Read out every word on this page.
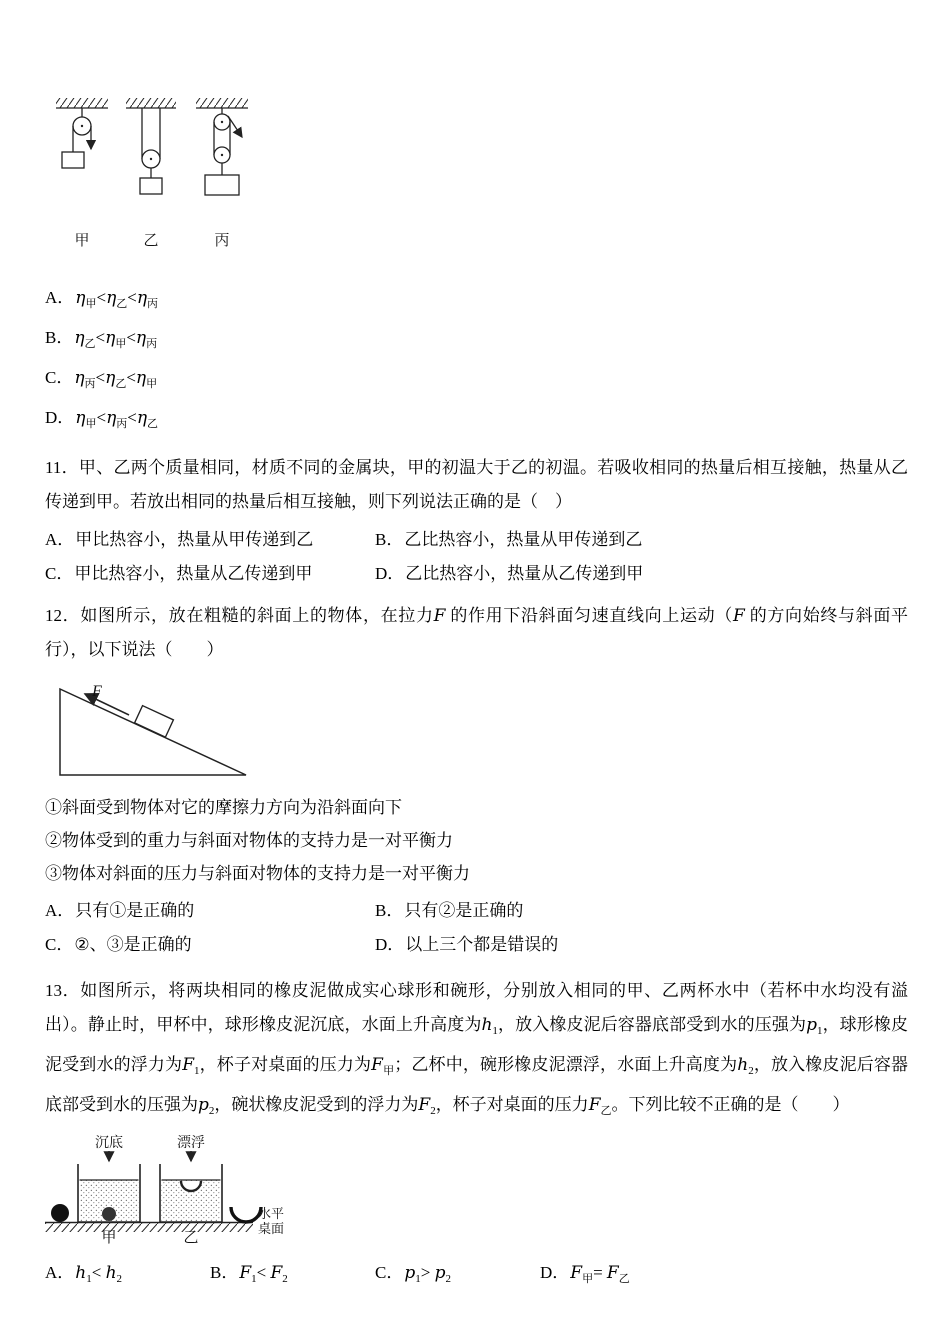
甲	乙	丙
A．$\eta_甲<\eta_乙<\eta_丙$
B．$\eta_乙<\eta_甲<\eta_丙$
C．$\eta_丙<\eta_乙<\eta_甲$
D．$\eta_甲<\eta_丙<\eta_乙$

11．甲、乙两个质量相同，材质不同的金属块，甲的初温大于乙的初温。若吸收相同的热量后相互接触，热量从乙传递到甲。若放出相同的热量后相互接触，则下列说法正确的是（　）

A．甲比热容小，热量从甲传递到乙	B．乙比热容小，热量从甲传递到乙
C．甲比热容小，热量从乙传递到甲	D．乙比热容小，热量从乙传递到甲

12．如图所示，放在粗糙的斜面上的物体，在拉力F 的作用下沿斜面匀速直线向上运动（F 的方向始终与斜面平行），以下说法（　　）

F
①斜面受到物体对它的摩擦力方向为沿斜面向下
②物体受到的重力与斜面对物体的支持力是一对平衡力
③物体对斜面的压力与斜面对物体的支持力是一对平衡力
A．只有①是正确的	B．只有②是正确的
C．②、③是正确的	D．以上三个都是错误的

13．如图所示，将两块相同的橡皮泥做成实心球形和碗形，分别放入相同的甲、乙两杯水中（若杯中水均没有溢出）。静止时，甲杯中，球形橡皮泥沉底，水面上升高度为$h_1$，放入橡皮泥后容器底部受到水的压强为$p_1$，球形橡皮泥受到水的浮力为$F_1$，杯子对桌面的压力为$F_甲$；乙杯中，碗形橡皮泥漂浮，水面上升高度为$h_2$，放入橡皮泥后容器底部受到水的压强为$p_2$，碗状橡皮泥受到的浮力为$F_2$，杯子对桌面的压力$F_乙$。下列比较不正确的是（　　）

沉底	漂浮
甲	乙
水平
桌面
A．$h_1< h_2$	B．$F_1< F_2$	C．$p_1> p_2$	D．$F_甲= F_乙$
